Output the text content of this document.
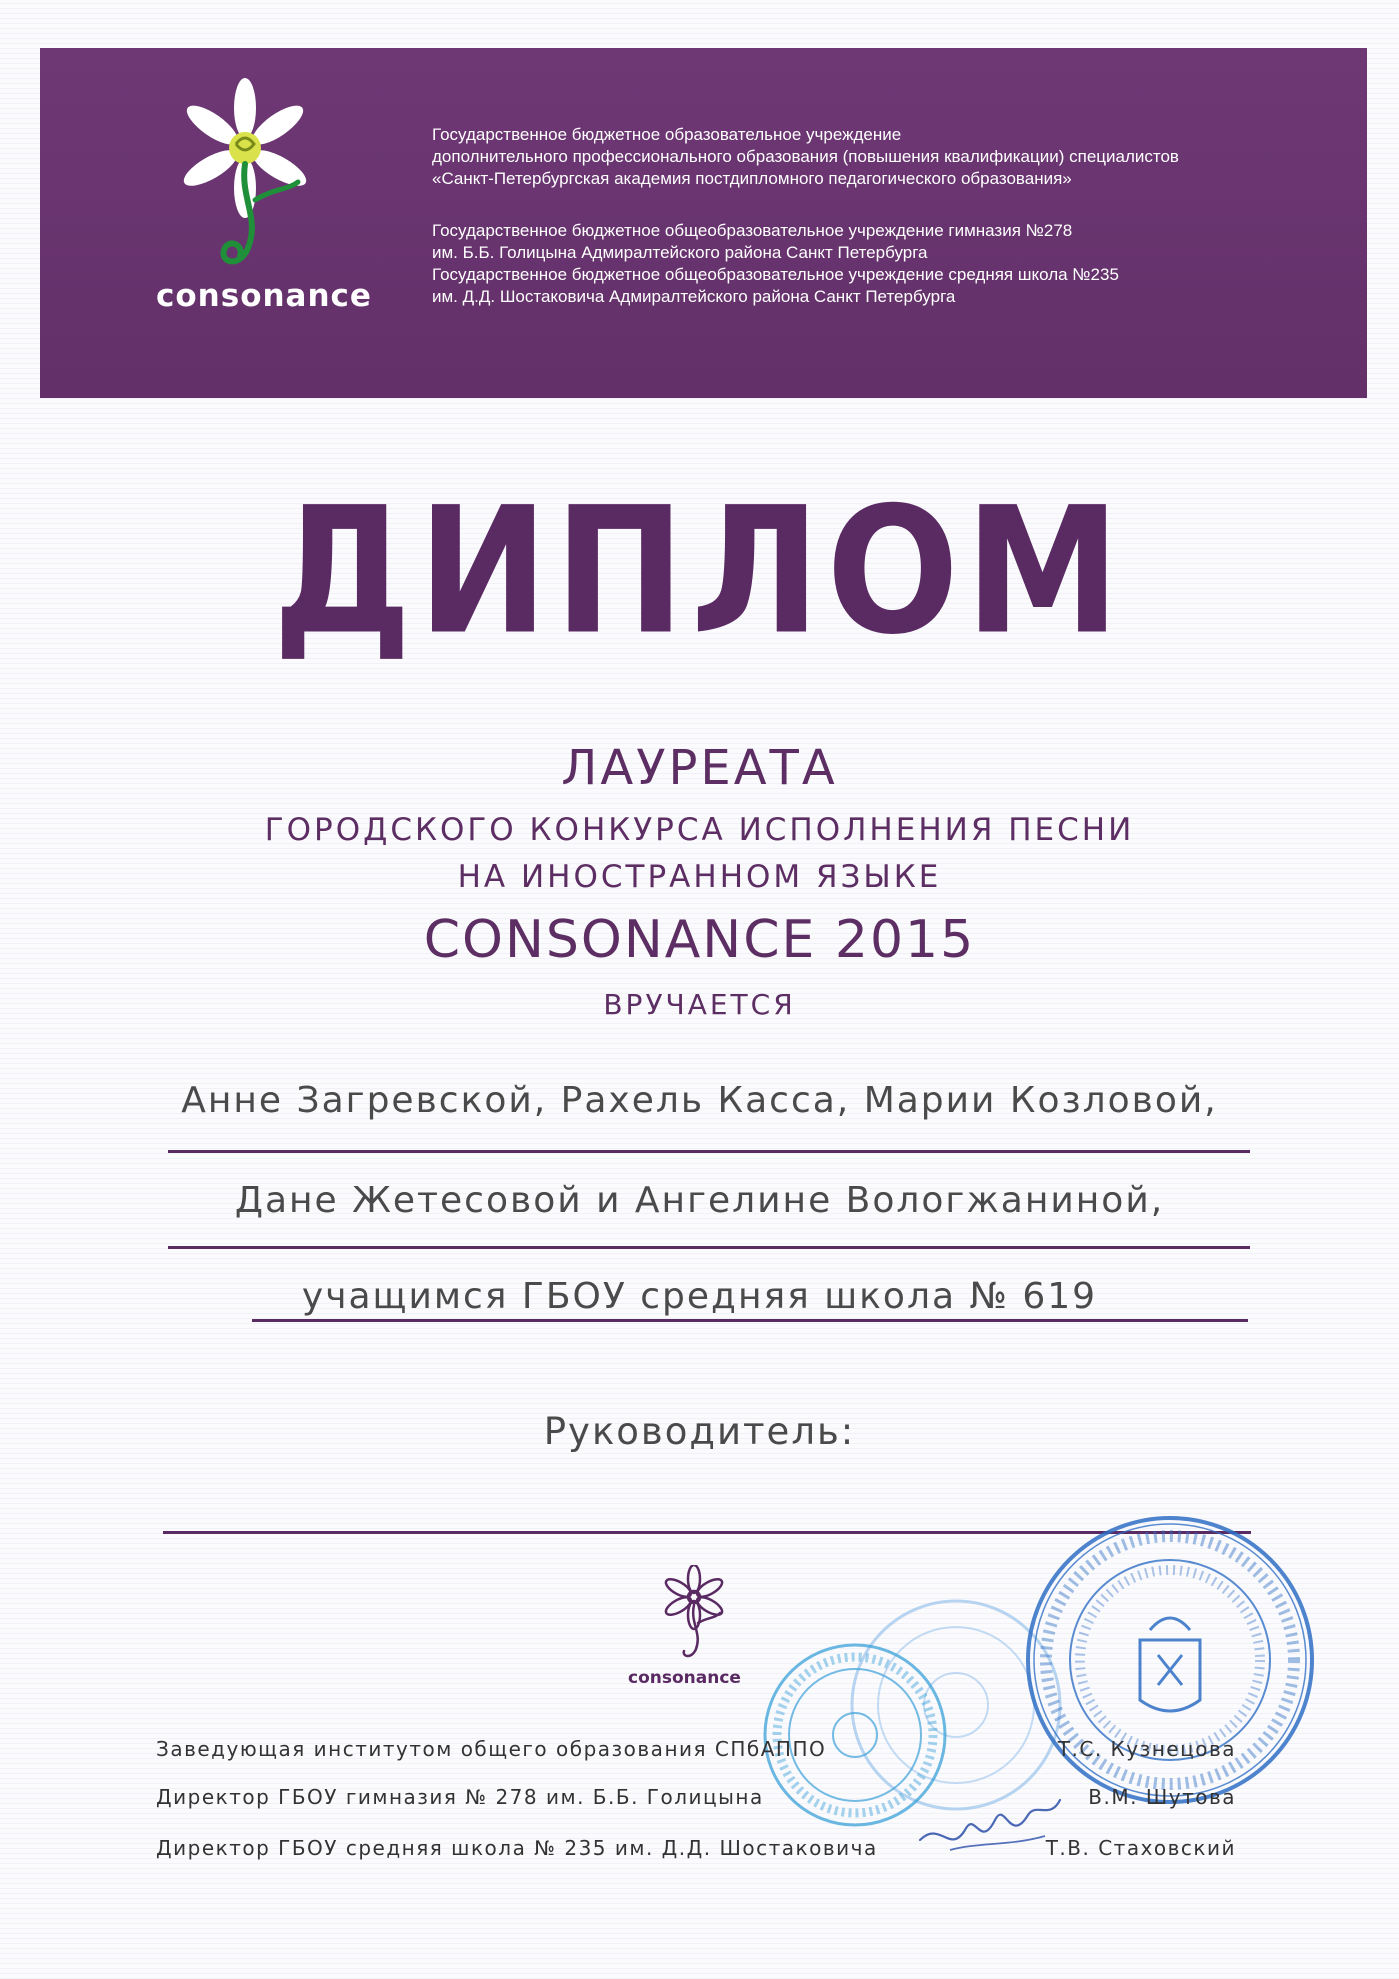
consonance
Государственное бюджетное образовательное учреждение
дополнительного профессионального образования (повышения квалификации) специалистов
«Санкт-Петербургская академия постдипломного педагогического образования»
Государственное бюджетное общеобразовательное учреждение гимназия №278
им. Б.Б. Голицына Адмиралтейского района Санкт Петербурга
Государственное бюджетное общеобразовательное учреждение средняя школа №235
им. Д.Д. Шостаковича Адмиралтейского района Санкт Петербурга
ДИПЛОМ
ЛАУРЕАТА
ГОРОДСКОГО КОНКУРСА ИСПОЛНЕНИЯ ПЕСНИ
НА ИНОСТРАННОМ ЯЗЫКЕ
CONSONANCE 2015
ВРУЧАЕТСЯ
Анне Загревской, Рахель Касса, Марии Козловой,
Дане Жетесовой и Ангелине Вологжаниной,
учащимся ГБОУ средняя школа № 619
Руководитель:
consonance
Заведующая институтом общего образования СПбАППО	Т.С. Кузнецова
Директор ГБОУ гимназия № 278 им. Б.Б. Голицына	В.М. Шутова
Директор ГБОУ средняя школа № 235 им. Д.Д. Шостаковича	Т.В. Стаховский
